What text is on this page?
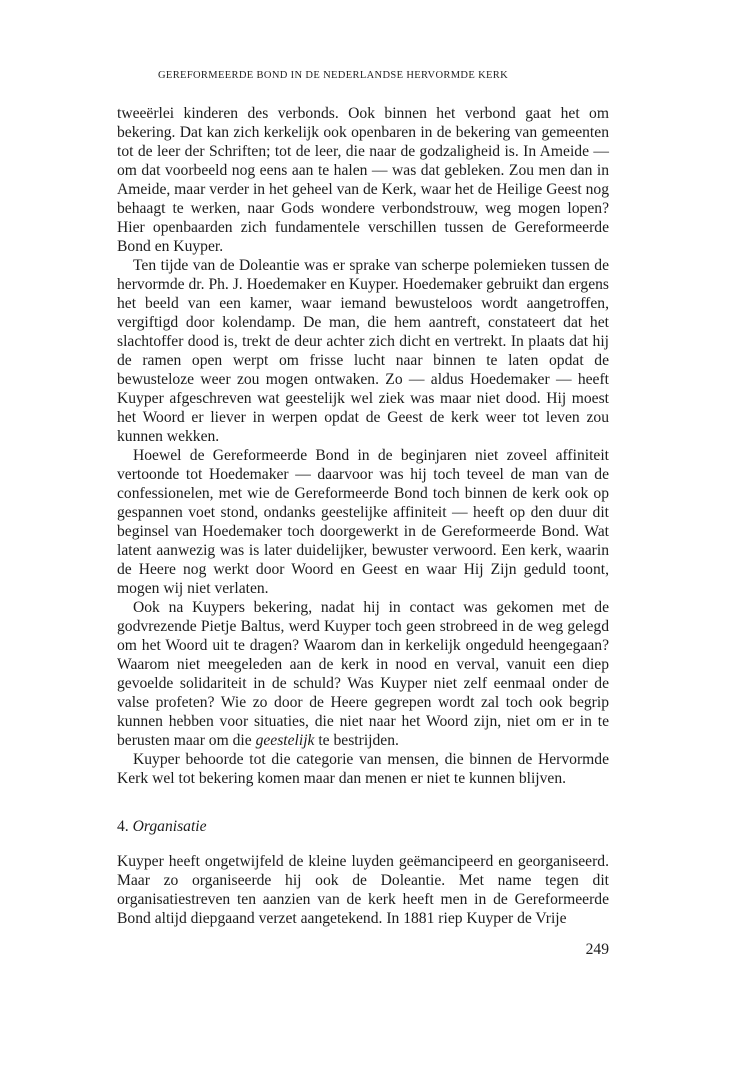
GEREFORMEERDE BOND IN DE NEDERLANDSE HERVORMDE KERK

tweeërlei kinderen des verbonds. Ook binnen het verbond gaat het om bekering. Dat kan zich kerkelijk ook openbaren in de bekering van gemeenten tot de leer der Schriften; tot de leer, die naar de godzaligheid is. In Ameide — om dat voorbeeld nog eens aan te halen — was dat gebleken. Zou men dan in Ameide, maar verder in het geheel van de Kerk, waar het de Heilige Geest nog behaagt te werken, naar Gods wondere verbondstrouw, weg mogen lopen? Hier openbaarden zich fundamentele verschillen tussen de Gereformeerde Bond en Kuyper.

Ten tijde van de Doleantie was er sprake van scherpe polemieken tussen de hervormde dr. Ph. J. Hoedemaker en Kuyper. Hoedemaker gebruikt dan ergens het beeld van een kamer, waar iemand bewusteloos wordt aangetroffen, vergiftigd door kolendamp. De man, die hem aantreft, constateert dat het slachtoffer dood is, trekt de deur achter zich dicht en vertrekt. In plaats dat hij de ramen open werpt om frisse lucht naar binnen te laten opdat de bewusteloze weer zou mogen ontwaken. Zo — aldus Hoedemaker — heeft Kuyper afgeschreven wat geestelijk wel ziek was maar niet dood. Hij moest het Woord er liever in werpen opdat de Geest de kerk weer tot leven zou kunnen wekken.

Hoewel de Gereformeerde Bond in de beginjaren niet zoveel affiniteit vertoonde tot Hoedemaker — daarvoor was hij toch teveel de man van de confessionelen, met wie de Gereformeerde Bond toch binnen de kerk ook op gespannen voet stond, ondanks geestelijke affiniteit — heeft op den duur dit beginsel van Hoedemaker toch doorgewerkt in de Gereformeerde Bond. Wat latent aanwezig was is later duidelijker, bewuster verwoord. Een kerk, waarin de Heere nog werkt door Woord en Geest en waar Hij Zijn geduld toont, mogen wij niet verlaten.

Ook na Kuypers bekering, nadat hij in contact was gekomen met de godvrezende Pietje Baltus, werd Kuyper toch geen strobreed in de weg gelegd om het Woord uit te dragen? Waarom dan in kerkelijk ongeduld heengegaan? Waarom niet meegeleden aan de kerk in nood en verval, vanuit een diep gevoelde solidariteit in de schuld? Was Kuyper niet zelf eenmaal onder de valse profeten? Wie zo door de Heere gegrepen wordt zal toch ook begrip kunnen hebben voor situaties, die niet naar het Woord zijn, niet om er in te berusten maar om die geestelijk te bestrijden.

Kuyper behoorde tot die categorie van mensen, die binnen de Hervormde Kerk wel tot bekering komen maar dan menen er niet te kunnen blijven.

4. Organisatie

Kuyper heeft ongetwijfeld de kleine luyden geëmancipeerd en georganiseerd. Maar zo organiseerde hij ook de Doleantie. Met name tegen dit organisatiestreven ten aanzien van de kerk heeft men in de Gereformeerde Bond altijd diepgaand verzet aangetekend. In 1881 riep Kuyper de Vrije

249
